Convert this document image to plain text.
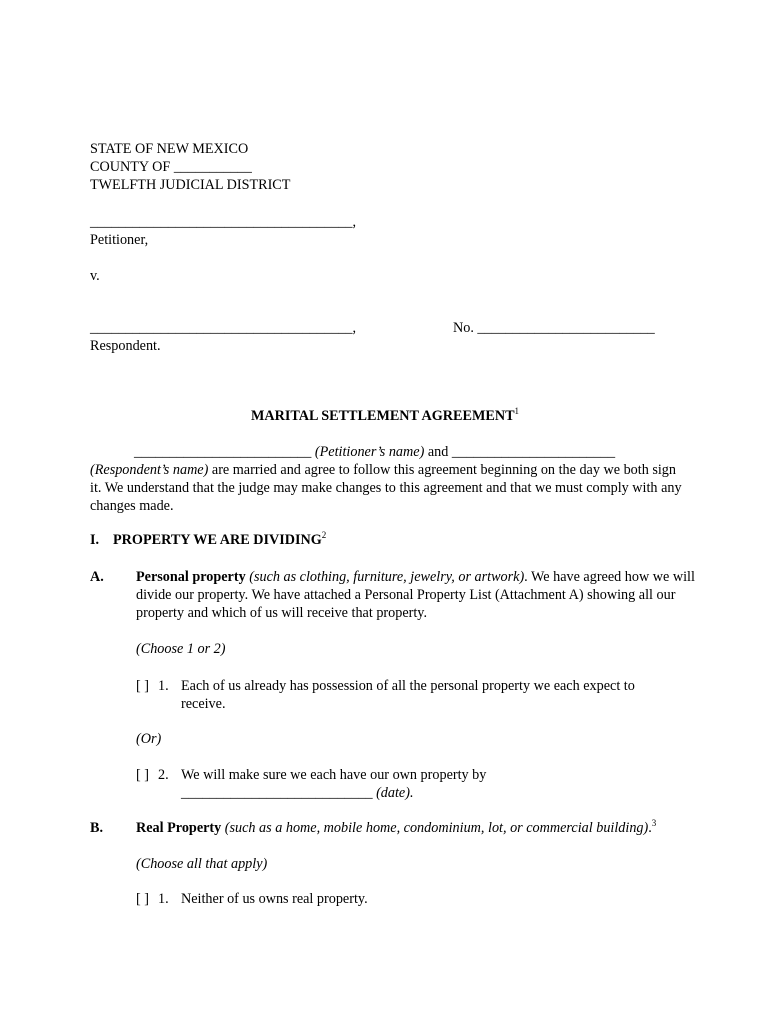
STATE OF NEW MEXICO
COUNTY OF ___________
TWELFTH JUDICIAL DISTRICT
_____________________________________,
Petitioner,
v.
_____________________________________,	No. _________________________
Respondent.
MARITAL SETTLEMENT AGREEMENT$^1$
_________________________ (Petitioner’s name) and _______________________ (Respondent’s name) are married and agree to follow this agreement beginning on the day we both sign it. We understand that the judge may make changes to this agreement and that we must comply with any changes made.
I. PROPERTY WE ARE DIVIDING$^2$
A. Personal property (such as clothing, furniture, jewelry, or artwork). We have agreed how we will divide our property. We have attached a Personal Property List (Attachment A) showing all our property and which of us will receive that property.
(Choose 1 or 2)
[ ] 1. Each of us already has possession of all the personal property we each expect to
receive.
(Or)
[ ] 2. We will make sure we each have our own property by
___________________________ (date).
B. Real Property (such as a home, mobile home, condominium, lot, or commercial building).$^3$
(Choose all that apply)
[ ] 1. Neither of us owns real property.
